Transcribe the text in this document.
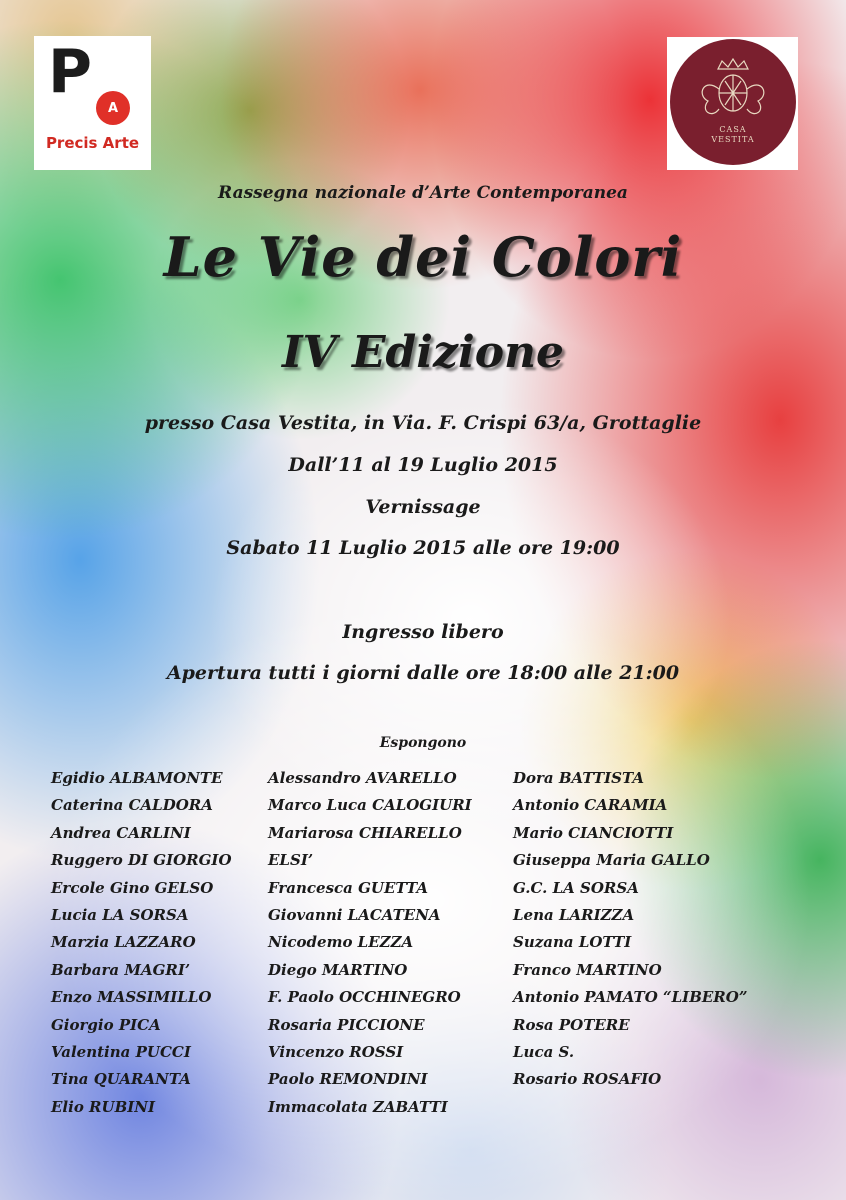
P
A
Precis Arte
CASA
VESTITA
Rassegna nazionale d’Arte Contemporanea
Le Vie dei Colori
IV Edizione
presso Casa Vestita, in Via. F. Crispi 63/a, Grottaglie
Dall’11 al 19 Luglio 2015
Vernissage
Sabato 11 Luglio 2015 alle ore 19:00
Ingresso libero
Apertura tutti i giorni dalle ore 18:00 alle 21:00
Espongono
Egidio ALBAMONTE
Caterina CALDORA
Andrea CARLINI
Ruggero DI GIORGIO
Ercole Gino GELSO
Lucia LA SORSA
Marzia LAZZARO
Barbara MAGRI’
Enzo MASSIMILLO
Giorgio PICA
Valentina PUCCI
Tina QUARANTA
Elio RUBINI
Alessandro AVARELLO
Marco Luca CALOGIURI
Mariarosa CHIARELLO
ELSI’
Francesca GUETTA
Giovanni LACATENA
Nicodemo LEZZA
Diego MARTINO
F. Paolo OCCHINEGRO
Rosaria PICCIONE
Vincenzo ROSSI
Paolo REMONDINI
Immacolata ZABATTI
Dora BATTISTA
Antonio CARAMIA
Mario CIANCIOTTI
Giuseppa Maria GALLO
G.C. LA SORSA
Lena LARIZZA
Suzana LOTTI
Franco MARTINO
Antonio PAMATO “LIBERO”
Rosa POTERE
Luca S.
Rosario ROSAFIO
